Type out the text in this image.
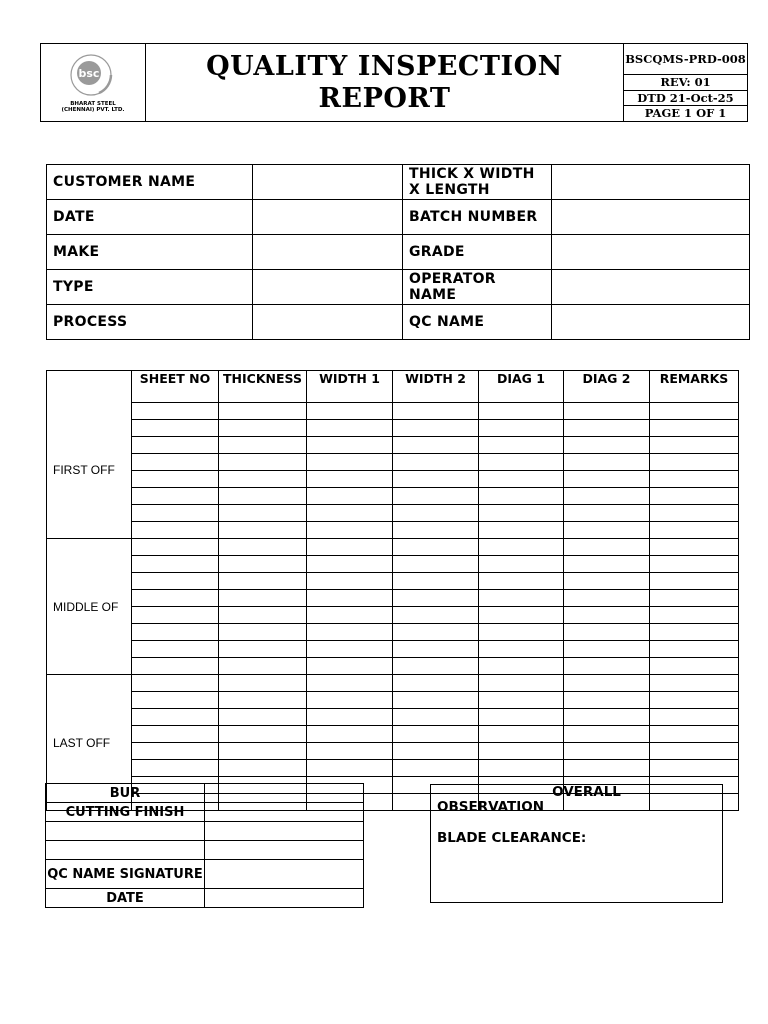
bsc
BHARAT STEEL
(CHENNAI) PVT. LTD.

QUALITY INSPECTION
REPORT

BSCQMS-PRD-008
REV: 01
DTD 21-Oct-25
PAGE 1 OF 1
CUSTOMER NAME		THICK X WIDTH X LENGTH	
DATE		BATCH NUMBER	
MAKE		GRADE	
TYPE		OPERATOR NAME	
PROCESS		QC NAME	
	SHEET NO	THICKNESS	WIDTH 1	WIDTH 2	DIAG 1	DIAG 2	REMARKS
FIRST OFF							

MIDDLE OF							

LAST OFF							

BUR	
CUTTING FINISH	

QC NAME SIGNATURE	
DATE	
OVERALL
OBSERVATION
BLADE CLEARANCE:
